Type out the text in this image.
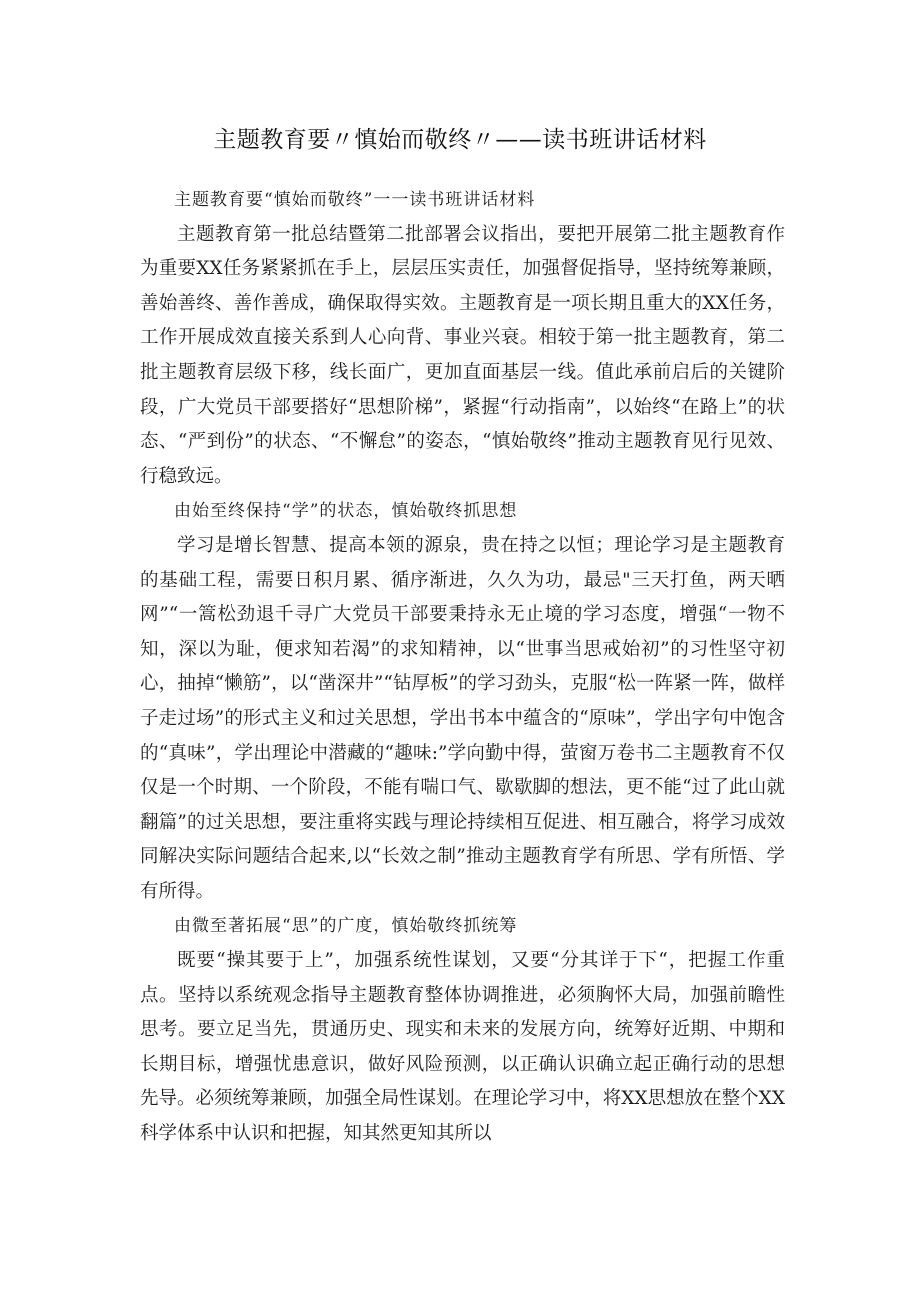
主题教育要〃慎始而敬终〃——读书班讲话材料

主题教育要“慎始而敬终”一一读书班讲话材料

主题教育第一批总结暨第二批部署会议指出，要把开展第二批主题教育作为重要XX任务紧紧抓在手上，层层压实责任，加强督促指导，坚持统筹兼顾，善始善终、善作善成，确保取得实效。主题教育是一项长期且重大的XX任务，工作开展成效直接关系到人心向背、事业兴衰。相较于第一批主题教育，第二批主题教育层级下移，线长面广，更加直面基层一线。值此承前启后的关键阶段，广大党员干部要搭好“思想阶梯”，紧握“行动指南”，以始终“在路上”的状态、“严到份”的状态、“不懈怠”的姿态，“慎始敬终”推动主题教育见行见效、行稳致远。

由始至终保持“学”的状态，慎始敬终抓思想

学习是增长智慧、提高本领的源泉，贵在持之以恒；理论学习是主题教育的基础工程，需要日积月累、循序渐进，久久为功，最忌"三天打鱼，两天晒网”“一篙松劲退千寻广大党员干部要秉持永无止境的学习态度，增强“一物不知，深以为耻，便求知若渴”的求知精神，以“世事当思戒始初”的习性坚守初心，抽掉“懒筋”，以“凿深井”“钻厚板”的学习劲头，克服“松一阵紧一阵，做样子走过场”的形式主义和过关思想，学出书本中蕴含的“原味”，学出字句中饱含的“真味”，学出理论中潜藏的“趣味:”学向勤中得，萤窗万卷书二主题教育不仅仅是一个时期、一个阶段，不能有喘口气、歇歇脚的想法，更不能“过了此山就翻篇”的过关思想，要注重将实践与理论持续相互促进、相互融合，将学习成效同解决实际问题结合起来,以“长效之制”推动主题教育学有所思、学有所悟、学有所得。

由微至著拓展“思”的广度，慎始敬终抓统筹

既要“操其要于上”，加强系统性谋划，又要“分其详于下“，把握工作重点。坚持以系统观念指导主题教育整体协调推进，必须胸怀大局，加强前瞻性思考。要立足当先，贯通历史、现实和未来的发展方向，统筹好近期、中期和长期目标，增强忧患意识，做好风险预测，以正确认识确立起正确行动的思想先导。必须统筹兼顾，加强全局性谋划。在理论学习中，将XX思想放在整个XX科学体系中认识和把握，知其然更知其所以
